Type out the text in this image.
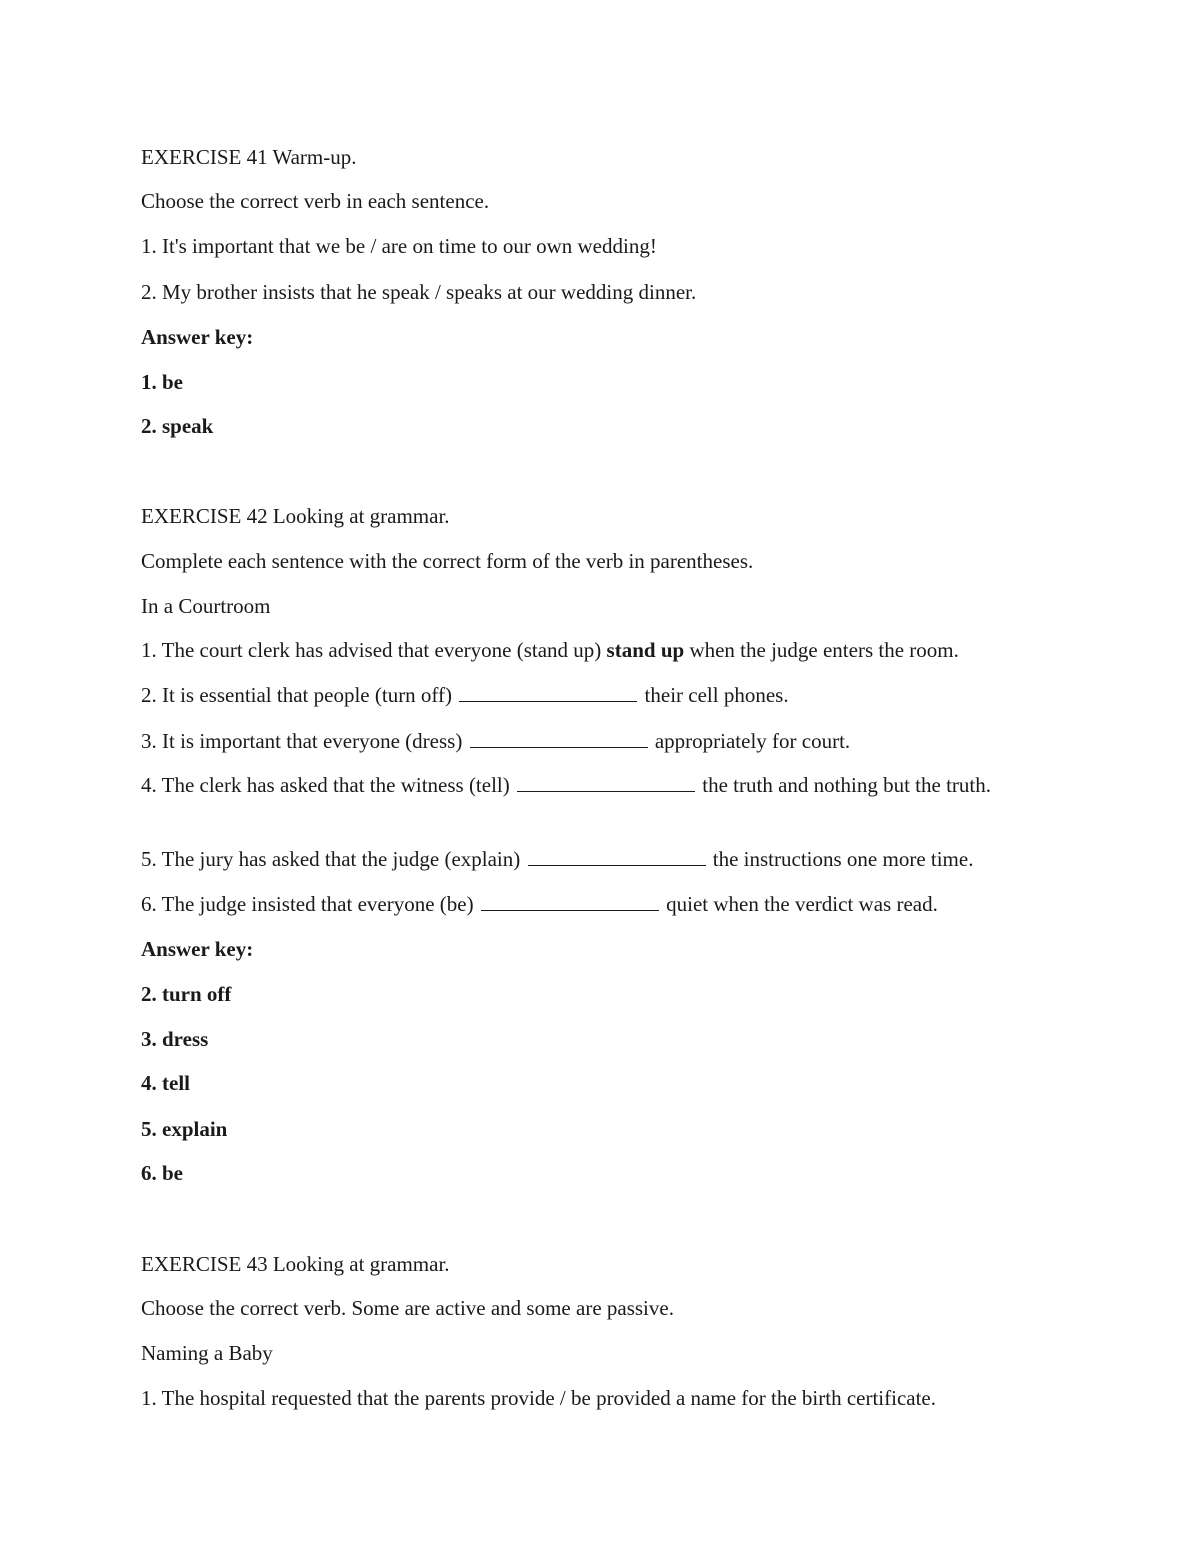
EXERCISE 41 Warm-up.
Choose the correct verb in each sentence.
1. It's important that we be / are on time to our own wedding!
2. My brother insists that he speak / speaks at our wedding dinner.
Answer key:
1. be
2. speak
EXERCISE 42 Looking at grammar.
Complete each sentence with the correct form of the verb in parentheses.
In a Courtroom
1. The court clerk has advised that everyone (stand up) stand up when the judge enters the room.
2. It is essential that people (turn off)	their cell phones.
3. It is important that everyone (dress)	appropriately for court.
4. The clerk has asked that the witness (tell)	the truth and nothing but the truth.
5. The jury has asked that the judge (explain)	the instructions one more time.
6. The judge insisted that everyone (be)	quiet when the verdict was read.
Answer key:
2. turn off
3. dress
4. tell
5. explain
6. be
EXERCISE 43 Looking at grammar.
Choose the correct verb. Some are active and some are passive.
Naming a Baby
1. The hospital requested that the parents provide / be provided a name for the birth certificate.
